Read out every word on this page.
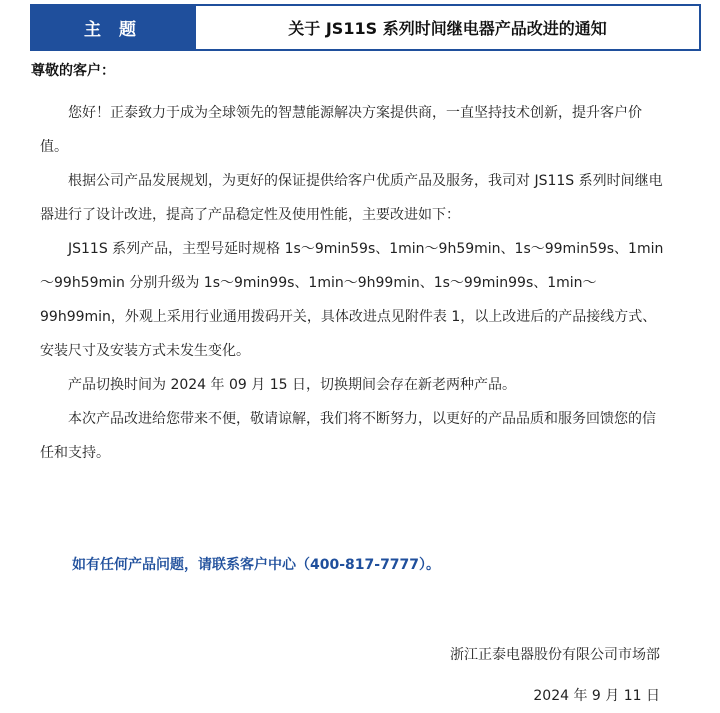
主 题	关于 JS11S 系列时间继电器产品改进的通知
尊敬的客户：

您好！正泰致力于成为全球领先的智慧能源解决方案提供商，一直坚持技术创新，提升客户价值。

根据公司产品发展规划，为更好的保证提供给客户优质产品及服务，我司对 JS11S 系列时间继电器进行了设计改进，提高了产品稳定性及使用性能，主要改进如下：

JS11S 系列产品，主型号延时规格 1s～9min59s、1min～9h59min、1s～99min59s、1min～99h59min 分别升级为 1s～9min99s、1min～9h99min、1s～99min99s、1min～99h99min，外观上采用行业通用拨码开关，具体改进点见附件表 1，以上改进后的产品接线方式、安装尺寸及安装方式未发生变化。

产品切换时间为 2024 年 09 月 15 日，切换期间会存在新老两种产品。

本次产品改进给您带来不便，敬请谅解，我们将不断努力，以更好的产品品质和服务回馈您的信任和支持。

如有任何产品问题，请联系客户中心（400-817-7777）。
浙江正泰电器股份有限公司市场部
2024 年 9 月 11 日
